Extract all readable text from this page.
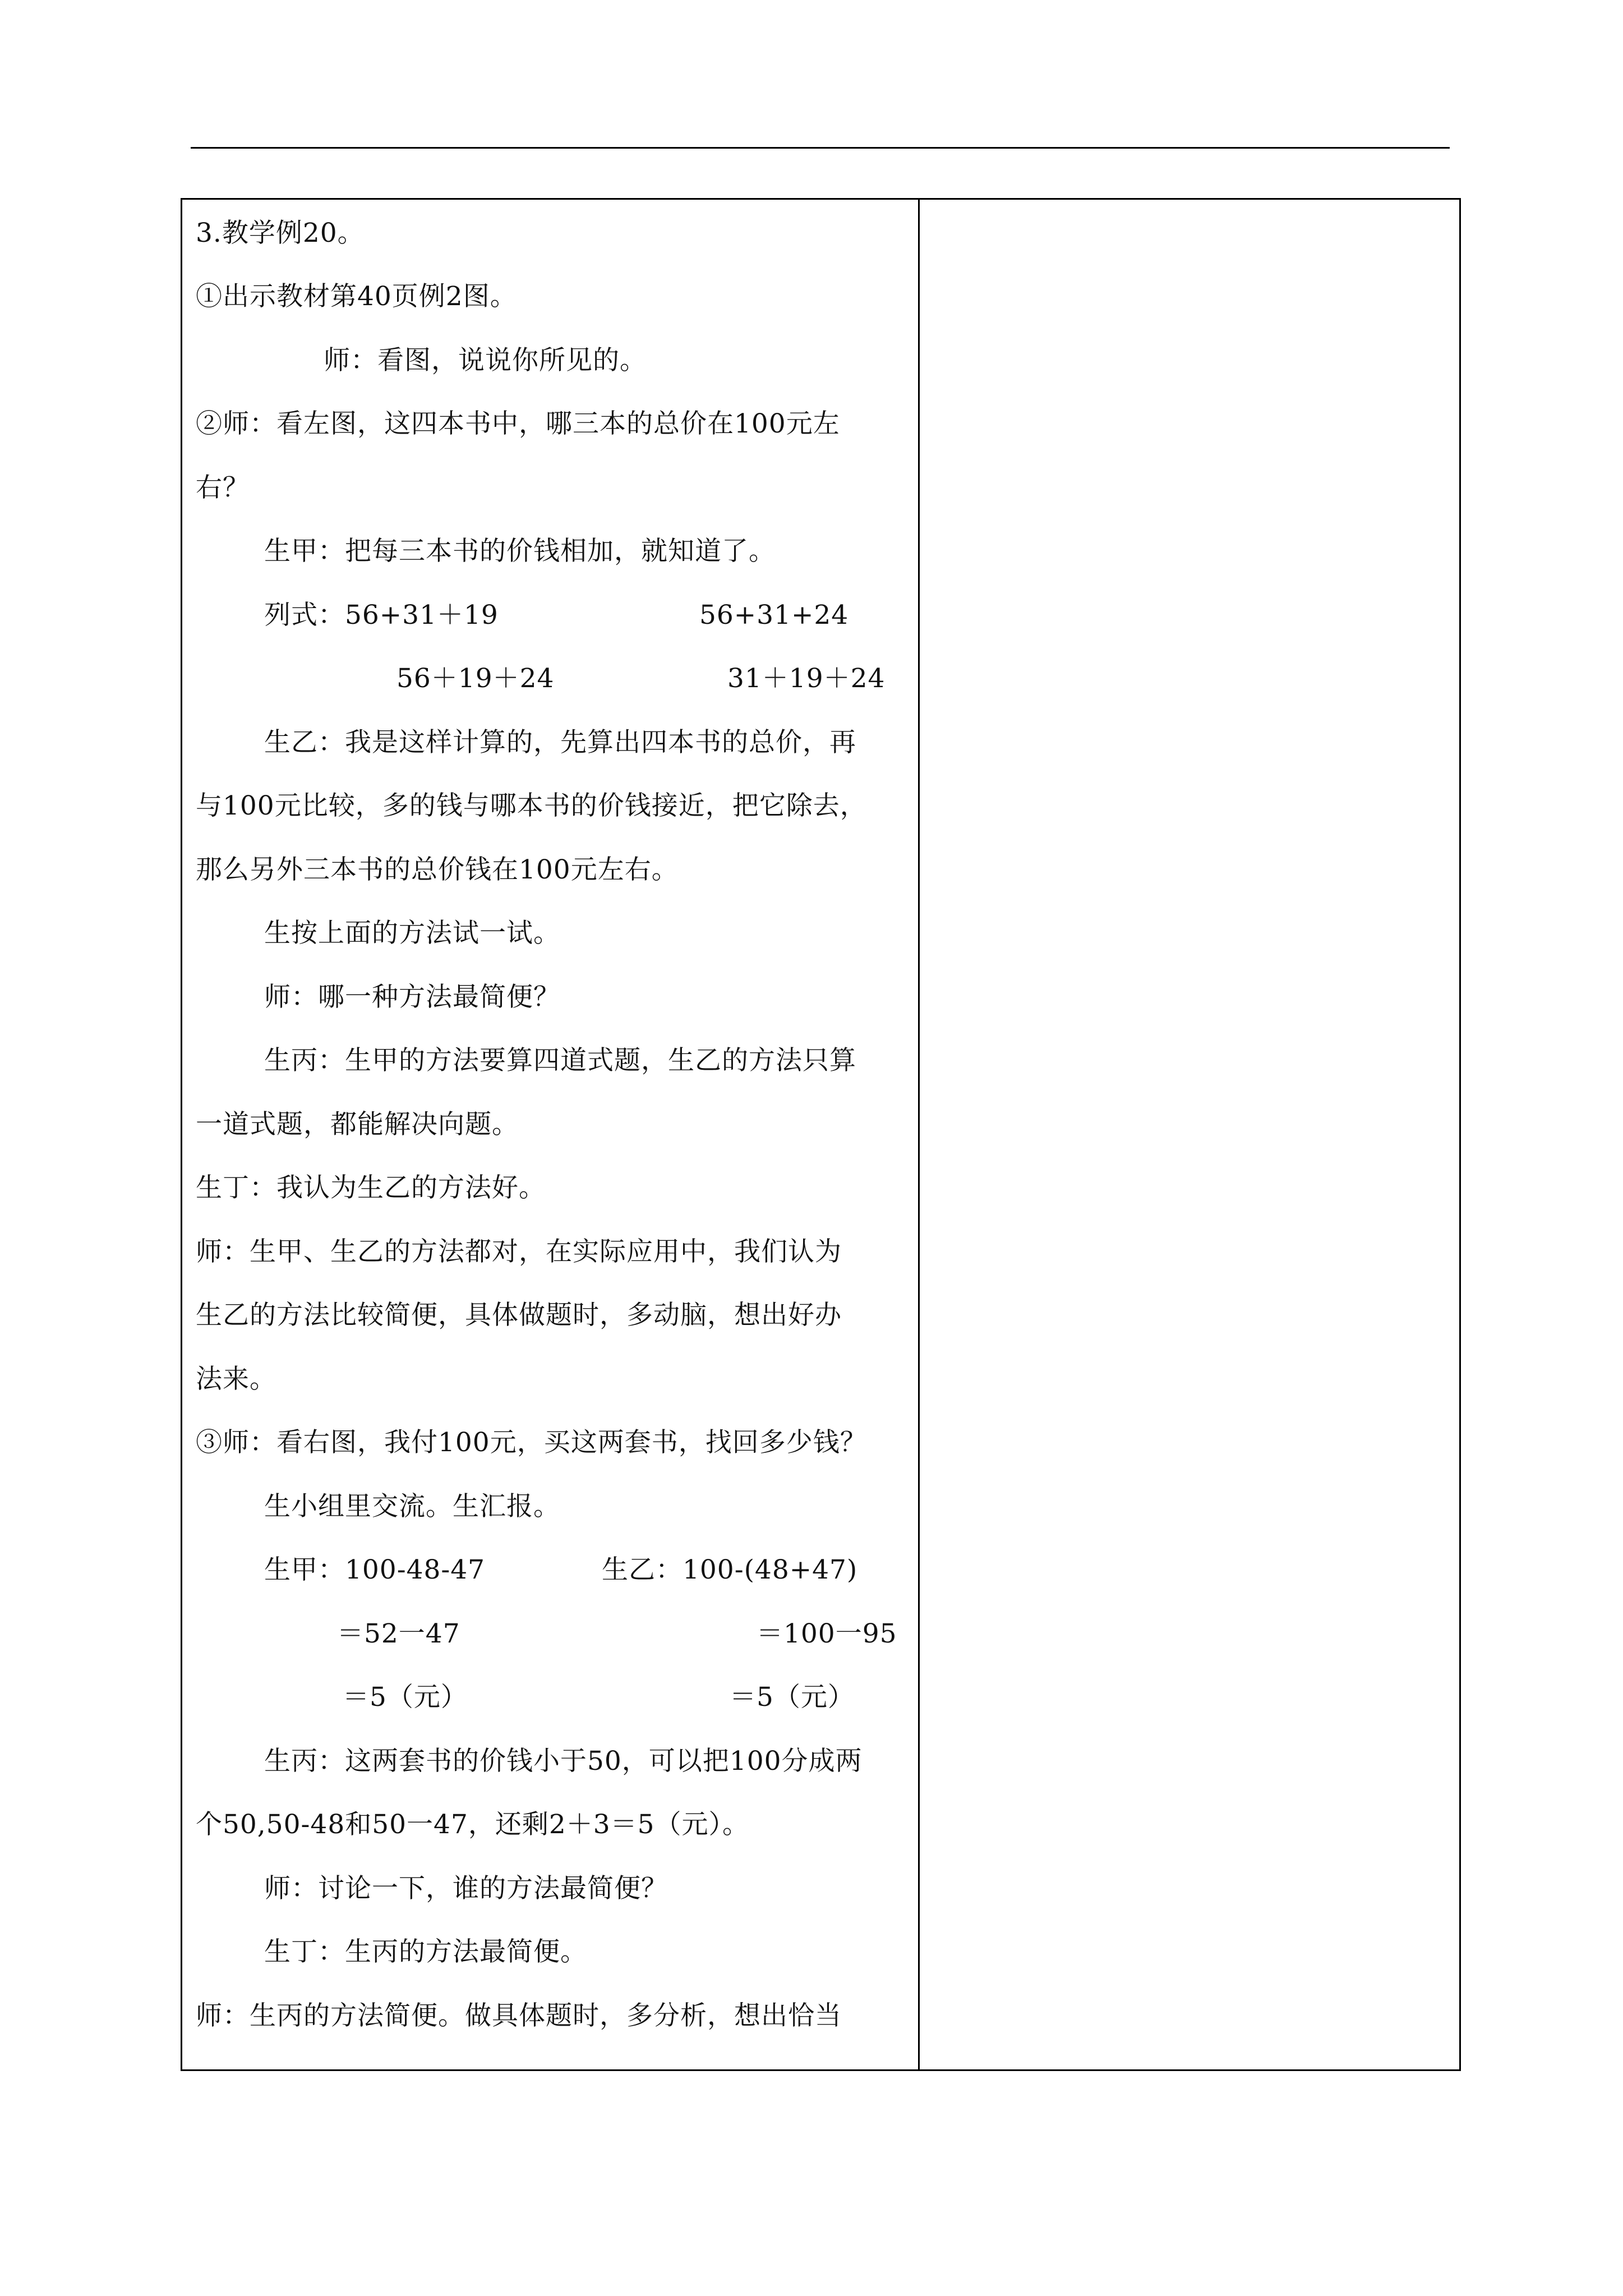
3.教学例20。
①出示教材第40页例2图。
师：看图，说说你所见的。
②师：看左图，这四本书中，哪三本的总价在100元左
右？
生甲：把每三本书的价钱相加，就知道了。
列式：56+31＋19	56+31+24
56＋19＋24	31＋19＋24
生乙：我是这样计算的，先算出四本书的总价，再
与100元比较，多的钱与哪本书的价钱接近，把它除去，
那么另外三本书的总价钱在100元左右。
生按上面的方法试一试。
师：哪一种方法最简便？
生丙：生甲的方法要算四道式题，生乙的方法只算
一道式题，都能解决向题。
生丁：我认为生乙的方法好。
师：生甲、生乙的方法都对，在实际应用中，我们认为
生乙的方法比较简便，具体做题时，多动脑，想出好办
法来。
③师：看右图，我付100元，买这两套书，找回多少钱？
生小组里交流。生汇报。
生甲：100-48-47	生乙：100-(48+47)
＝52一47	＝100一95
＝5（元）	＝5（元）
生丙：这两套书的价钱小于50，可以把100分成两
个50,50-48和50一47，还剩2＋3＝5（元）。
师：讨论一下，谁的方法最简便？
生丁：生丙的方法最简便。
师：生丙的方法简便。做具体题时，多分析，想出恰当
